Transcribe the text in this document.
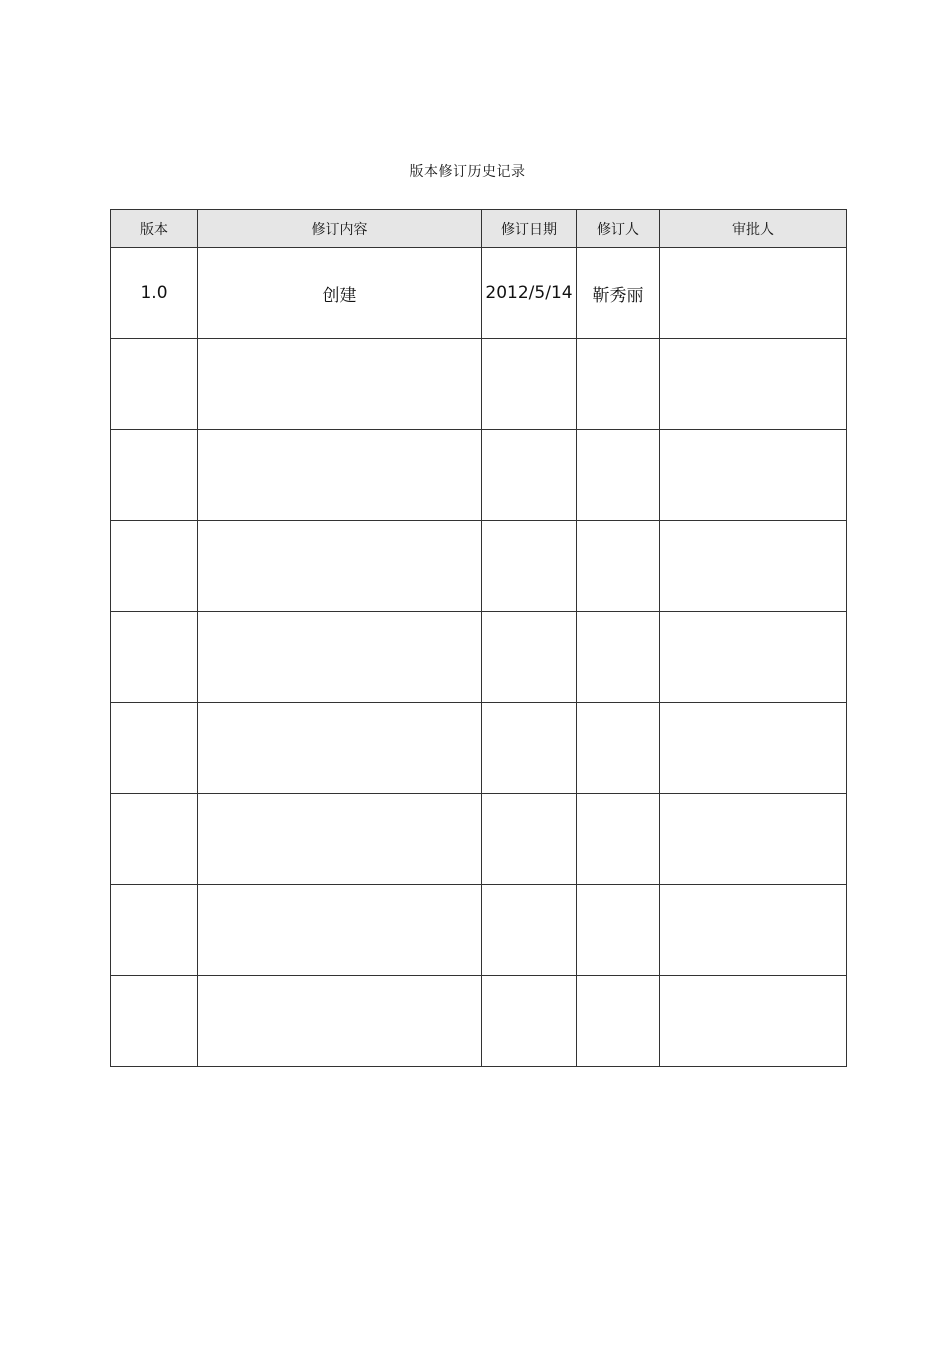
版本修订历史记录
版本	修订内容	修订日期	修订人	审批人
1.0	创建	2012/5/14	靳秀丽	
